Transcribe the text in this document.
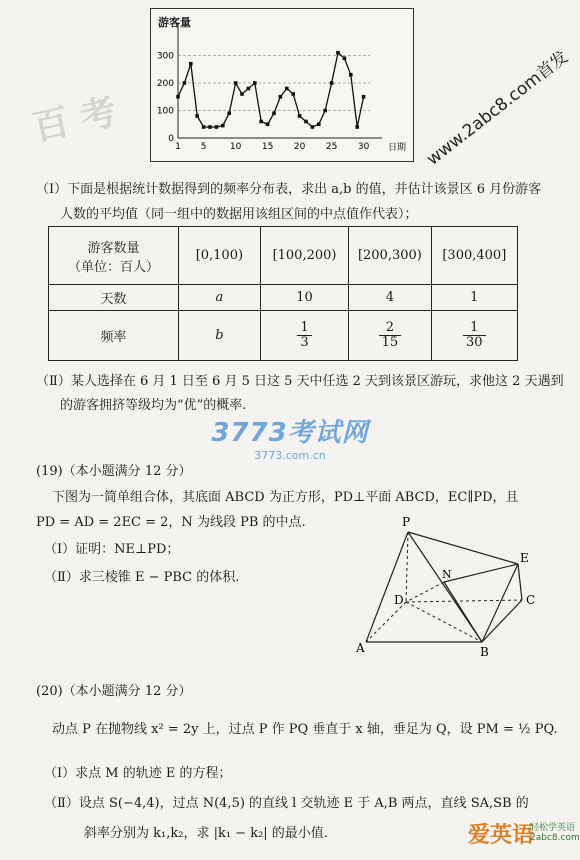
游客量
0
100
200
300
1 5	10 15 20 25 30 日期 www.2abc8.com首发
百 考
（Ⅰ）下面是根据统计数据得到的频率分布表，求出 a,b 的值，并估计该景区 6 月份游客
人数的平均值（同一组中的数据用该组区间的中点值作代表）；
游客数量
（单位：百人）	[0,100)	[100,200)	[200,300)	[300,400]
天数	a	10	4	1
频率	b	$\frac{1}{3}$	$\frac{2}{15}$	$\frac{1}{30}$
（Ⅱ）某人选择在 6 月 1 日至 6 月 5 日这 5 天中任选 2 天到该景区游玩，求他这 2 天遇到
的游客拥挤等级均为“优”的概率.
3773考试网
3773.com.cn
(19)（本小题满分 12 分）
下图为一简单组合体，其底面 ABCD 为正方形，PD⊥平面 ABCD，EC∥PD，且
PD = AD = 2EC = 2，N 为线段 PB 的中点.
（Ⅰ）证明：NE⊥PD；
（Ⅱ）求三棱锥 E − PBC 的体积.
P
E
N
D	C
A	B
(20)（本小题满分 12 分）
动点 P 在抛物线 x² = 2y 上，过点 P 作 PQ 垂直于 x 轴，垂足为 Q，设 PM = ½ PQ.
（Ⅰ）求点 M 的轨迹 E 的方程；
（Ⅱ）设点 S(−4,4)，过点 N(4,5) 的直线 l 交轨迹 E 于 A,B 两点，直线 SA,SB 的
斜率分别为 k₁,k₂，求 |k₁ − k₂| 的最小值.	爱英语
轻松学英语
2abc8.com
